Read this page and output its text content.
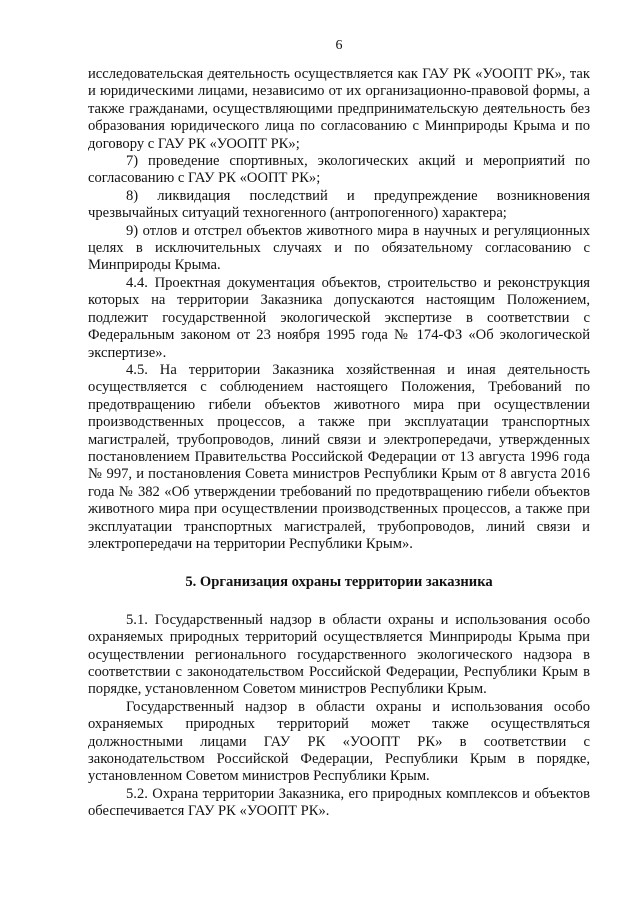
6

исследовательская деятельность осуществляется как ГАУ РК «УООПТ РК», так и юридическими лицами, независимо от их организационно-правовой формы, а также гражданами, осуществляющими предпринимательскую деятельность без образования юридического лица по согласованию с Минприроды Крыма и по договору с ГАУ РК «УООПТ РК»;

7) проведение спортивных, экологических акций и мероприятий по согласованию с ГАУ РК «ООПТ РК»;

8) ликвидация последствий и предупреждение возникновения чрезвычайных ситуаций техногенного (антропогенного) характера;

9) отлов и отстрел объектов животного мира в научных и регуляционных целях в исключительных случаях и по обязательному согласованию с Минприроды Крыма.

4.4. Проектная документация объектов, строительство и реконструкция которых на территории Заказника допускаются настоящим Положением, подлежит государственной экологической экспертизе в соответствии с Федеральным законом от 23 ноября 1995 года № 174-ФЗ «Об экологической экспертизе».

4.5. На территории Заказника хозяйственная и иная деятельность осуществляется с соблюдением настоящего Положения, Требований по предотвращению гибели объектов животного мира при осуществлении производственных процессов, а также при эксплуатации транспортных магистралей, трубопроводов, линий связи и электропередачи, утвержденных постановлением Правительства Российской Федерации от 13 августа 1996 года № 997, и постановления Совета министров Республики Крым от 8 августа 2016 года № 382 «Об утверждении требований по предотвращению гибели объектов животного мира при осуществлении производственных процессов, а также при эксплуатации транспортных магистралей, трубопроводов, линий связи и электропередачи на территории Республики Крым».

5. Организация охраны территории заказника

5.1. Государственный надзор в области охраны и использования особо охраняемых природных территорий осуществляется Минприроды Крыма при осуществлении регионального государственного экологического надзора в соответствии с законодательством Российской Федерации, Республики Крым в порядке, установленном Советом министров Республики Крым.

Государственный надзор в области охраны и использования особо охраняемых природных территорий может также осуществляться должностными лицами ГАУ РК «УООПТ РК» в соответствии с законодательством Российской Федерации, Республики Крым в порядке, установленном Советом министров Республики Крым.

5.2. Охрана территории Заказника, его природных комплексов и объектов обеспечивается ГАУ РК «УООПТ РК».
